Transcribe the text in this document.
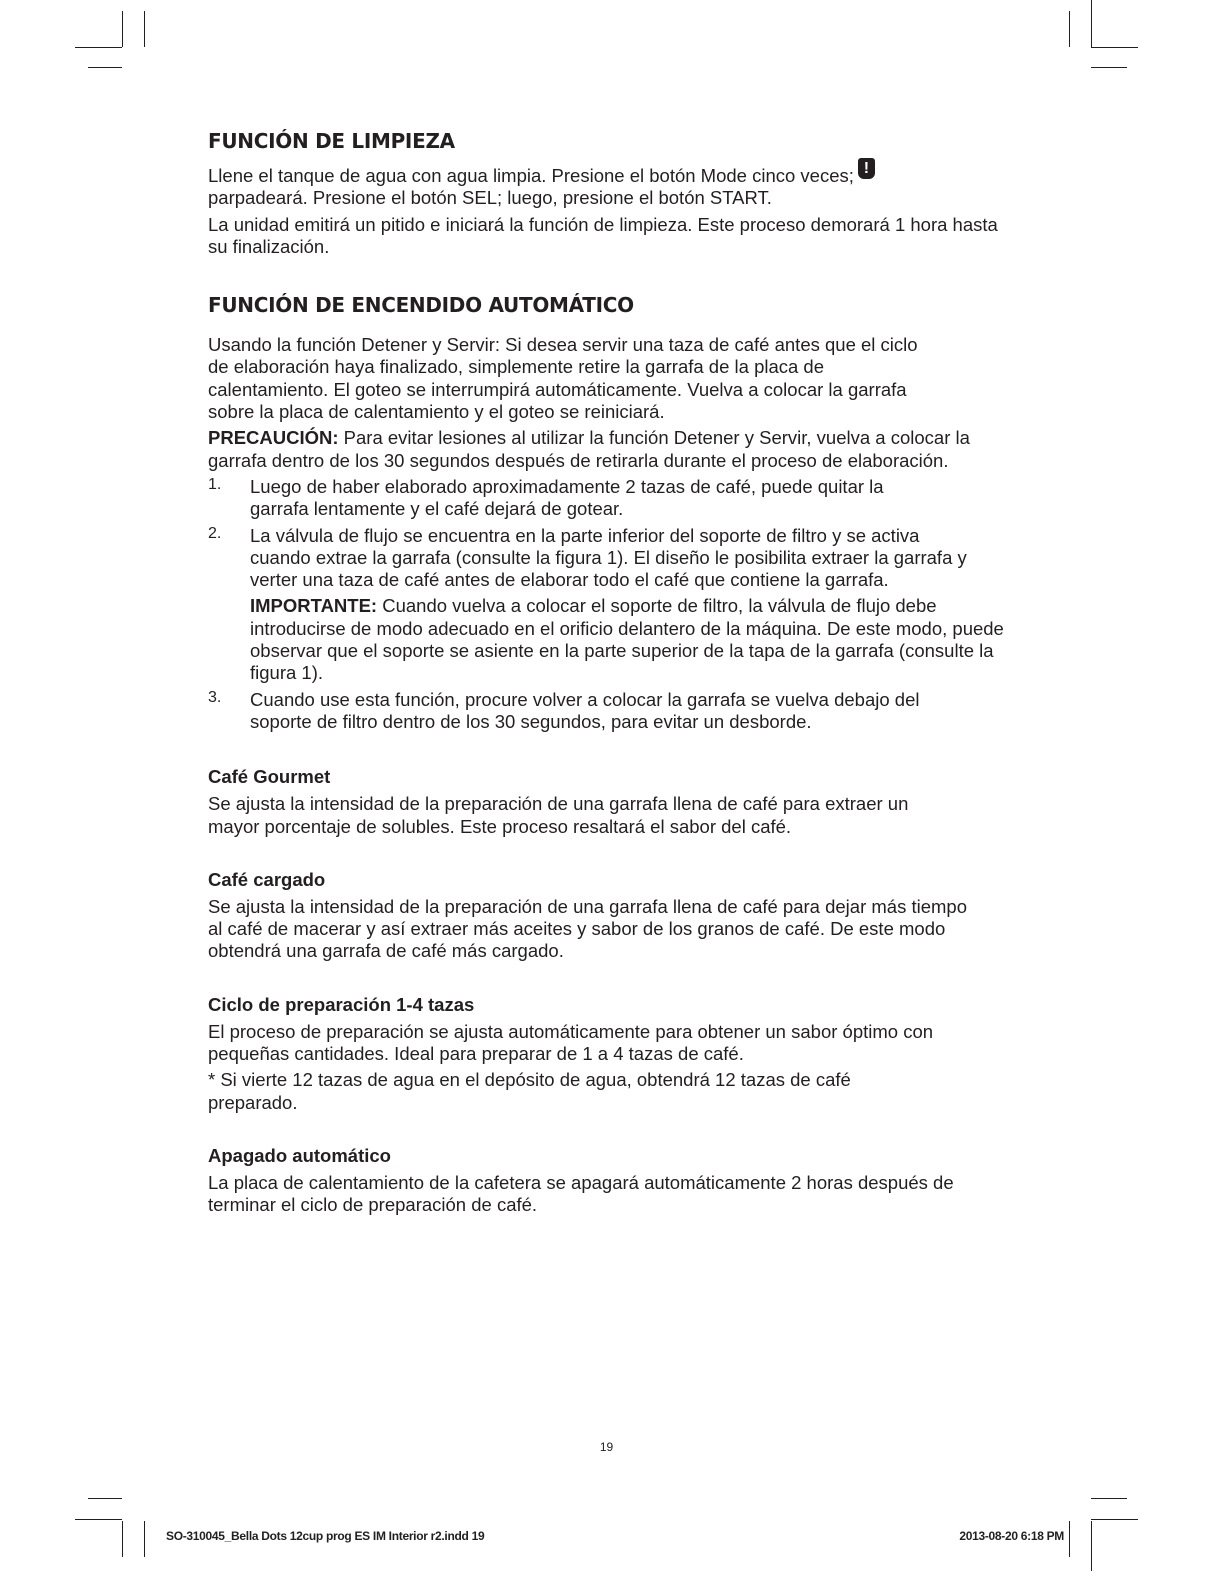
FUNCIÓN DE LIMPIEZA

Llene el tanque de agua con agua limpia. Presione el botón Mode cinco veces; !
parpadeará. Presione el botón SEL; luego, presione el botón START.

La unidad emitirá un pitido e iniciará la función de limpieza. Este proceso demorará 1 hora hasta su finalización.

FUNCIÓN DE ENCENDIDO AUTOMÁTICO

Usando la función Detener y Servir: Si desea servir una taza de café antes que el ciclo de elaboración haya finalizado, simplemente retire la garrafa de la placa de calentamiento. El goteo se interrumpirá automáticamente. Vuelva a colocar la garrafa sobre la placa de calentamiento y el goteo se reiniciará.

PRECAUCIÓN: Para evitar lesiones al utilizar la función Detener y Servir, vuelva a colocar la garrafa dentro de los 30 segundos después de retirarla durante el proceso de elaboración.

1. Luego de haber elaborado aproximadamente 2 tazas de café, puede quitar la garrafa lentamente y el café dejará de gotear.

2. La válvula de flujo se encuentra en la parte inferior del soporte de filtro y se activa cuando extrae la garrafa (consulte la figura 1). El diseño le posibilita extraer la garrafa y verter una taza de café antes de elaborar todo el café que contiene la garrafa.

IMPORTANTE: Cuando vuelva a colocar el soporte de filtro, la válvula de flujo debe introducirse de modo adecuado en el orificio delantero de la máquina. De este modo, puede observar que el soporte se asiente en la parte superior de la tapa de la garrafa (consulte la figura 1).

3. Cuando use esta función, procure volver a colocar la garrafa se vuelva debajo del soporte de filtro dentro de los 30 segundos, para evitar un desborde.

Café Gourmet

Se ajusta la intensidad de la preparación de una garrafa llena de café para extraer un mayor porcentaje de solubles. Este proceso resaltará el sabor del café.

Café cargado

Se ajusta la intensidad de la preparación de una garrafa llena de café para dejar más tiempo al café de macerar y así extraer más aceites y sabor de los granos de café. De este modo obtendrá una garrafa de café más cargado.

Ciclo de preparación 1-4 tazas

El proceso de preparación se ajusta automáticamente para obtener un sabor óptimo con pequeñas cantidades. Ideal para preparar de 1 a 4 tazas de café.

* Si vierte 12 tazas de agua en el depósito de agua, obtendrá 12 tazas de café preparado.

Apagado automático

La placa de calentamiento de la cafetera se apagará automáticamente 2 horas después de terminar el ciclo de preparación de café.

19
SO-310045_Bella Dots 12cup prog ES IM Interior r2.indd 19	2013-08-20 6:18 PM
